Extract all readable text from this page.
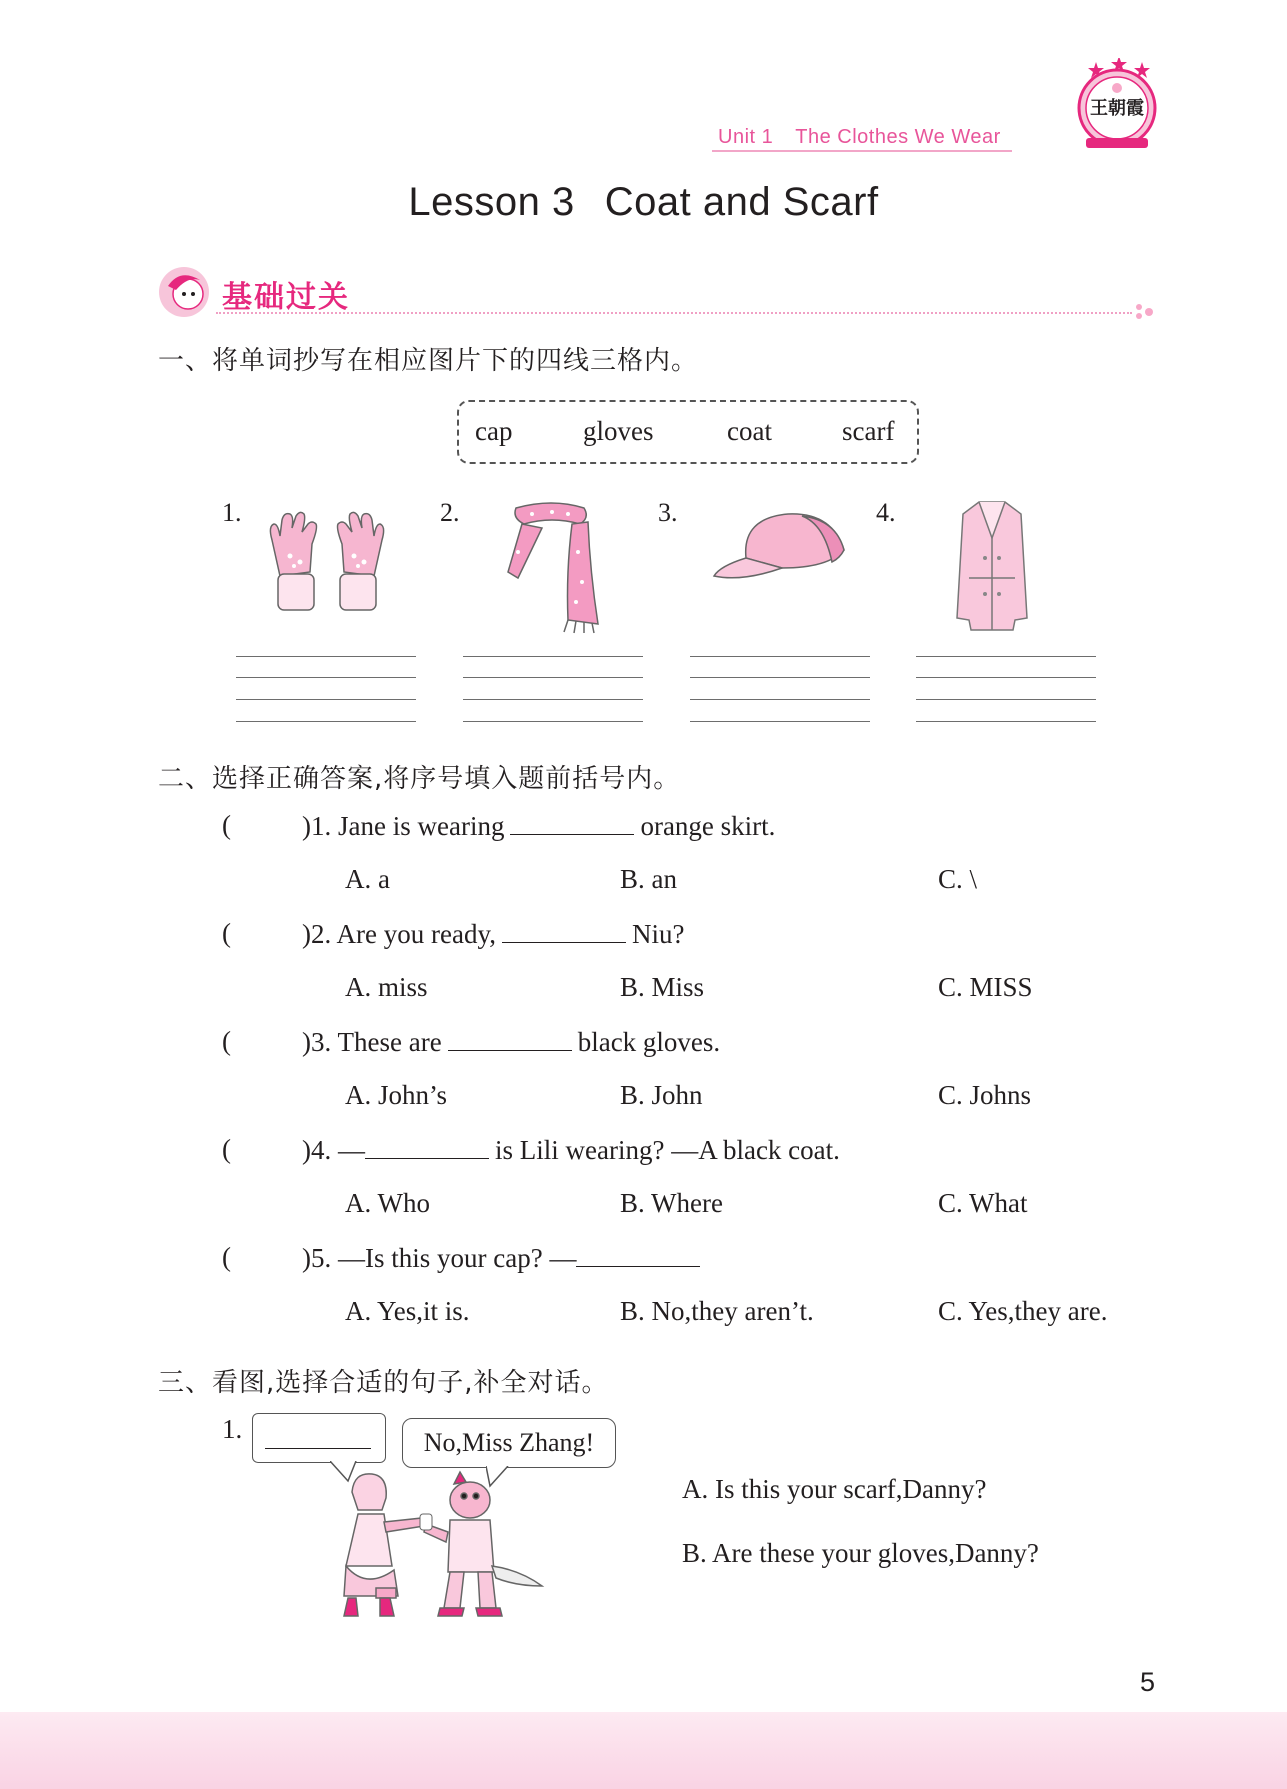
Unit 1 The Clothes We Wear
王朝霞
Lesson 3 Coat and Scarf
基础过关
一、将单词抄写在相应图片下的四线三格内。
cap	gloves	coat	scarf
1.	2.	3.	4.
二、选择正确答案,将序号填入题前括号内。
(	)1. Jane is wearing	orange skirt.
A. a	B. an	C. \
(	)2. Are you ready,	Niu?
A. miss	B. Miss	C. MISS
(	)3. These are	black gloves.
A. John’s	B. John	C. Johns
(	)4. —	is Lili wearing? —A black coat.
A. Who	B. Where	C. What
(	)5. —Is this your cap? —
A. Yes,it is.	B. No,they aren’t.	C. Yes,they are.
三、看图,选择合适的句子,补全对话。
1.	No,Miss Zhang!
A. Is this your scarf,Danny?
B. Are these your gloves,Danny?
5
